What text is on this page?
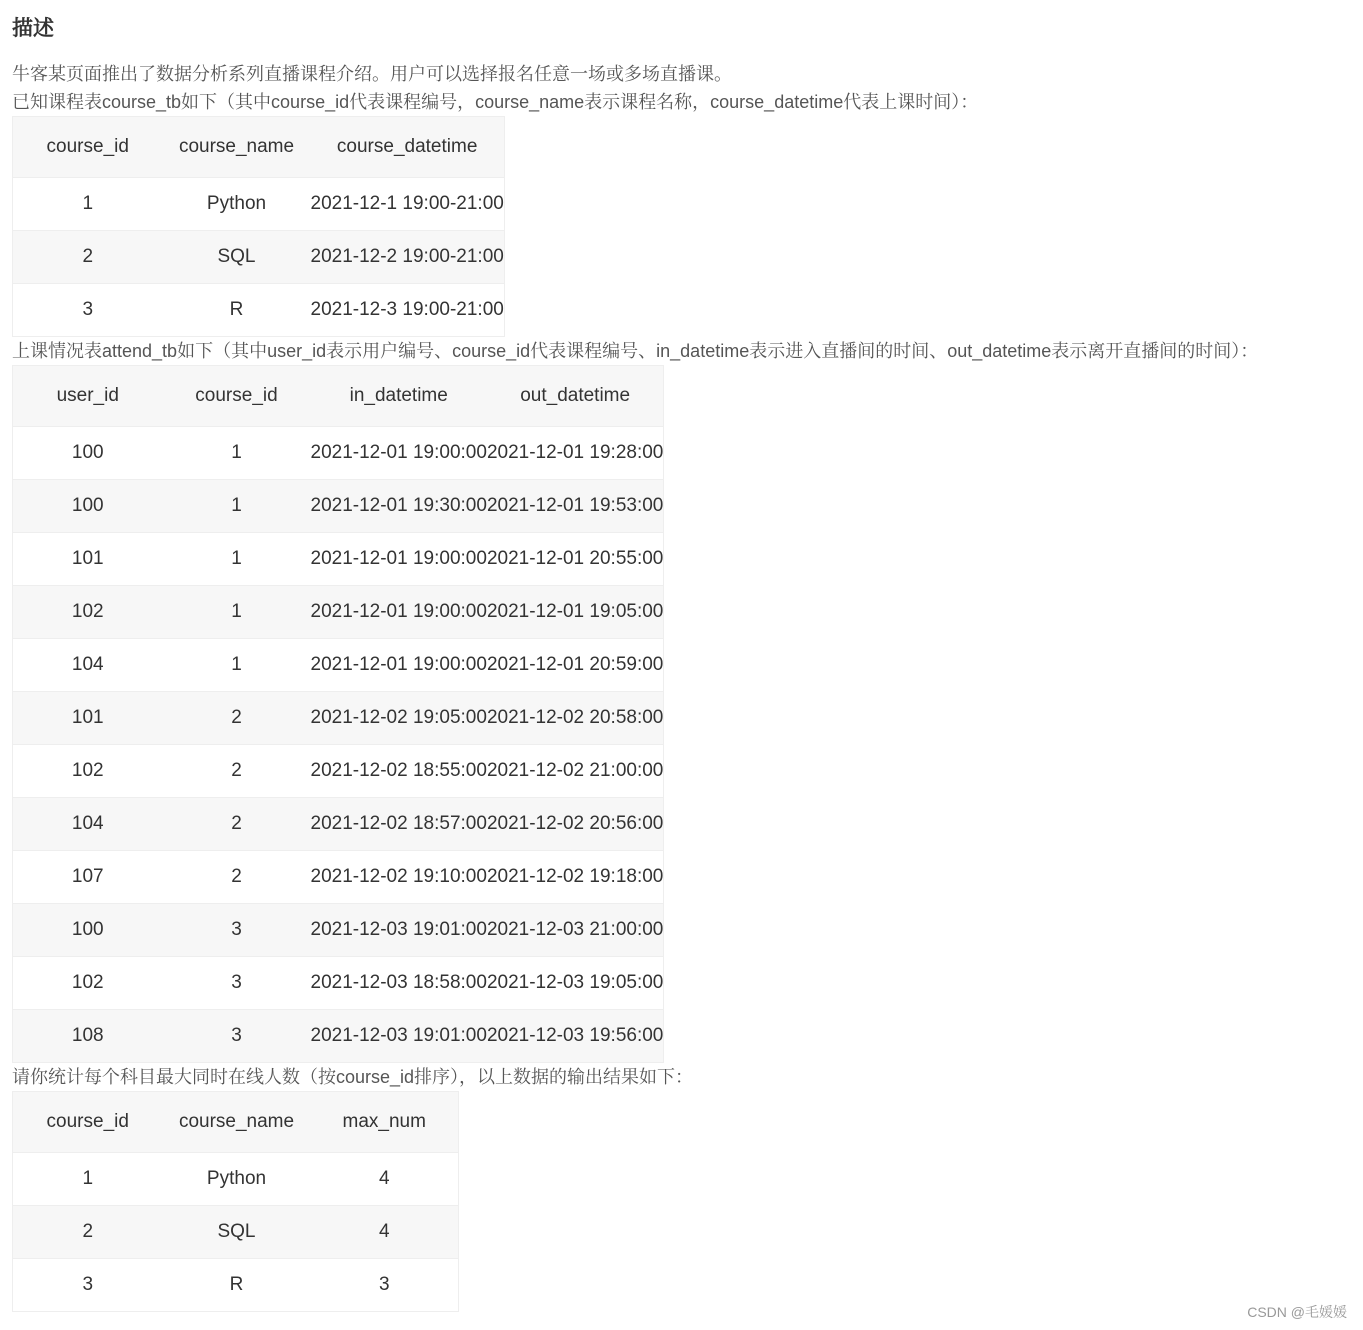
描述

牛客某页面推出了数据分析系列直播课程介绍。用户可以选择报名任意一场或多场直播课。

已知课程表course_tb如下（其中course_id代表课程编号，course_name表示课程名称，course_datetime代表上课时间）：

course_id	course_name	course_datetime
1	Python	2021-12-1 19:00-21:00
2	SQL	2021-12-2 19:00-21:00
3	R	2021-12-3 19:00-21:00

上课情况表attend_tb如下（其中user_id表示用户编号、course_id代表课程编号、in_datetime表示进入直播间的时间、out_datetime表示离开直播间的时间）：

user_id	course_id	in_datetime	out_datetime
100	1	2021-12-01 19:00:00	2021-12-01 19:28:00
100	1	2021-12-01 19:30:00	2021-12-01 19:53:00
101	1	2021-12-01 19:00:00	2021-12-01 20:55:00
102	1	2021-12-01 19:00:00	2021-12-01 19:05:00
104	1	2021-12-01 19:00:00	2021-12-01 20:59:00
101	2	2021-12-02 19:05:00	2021-12-02 20:58:00
102	2	2021-12-02 18:55:00	2021-12-02 21:00:00
104	2	2021-12-02 18:57:00	2021-12-02 20:56:00
107	2	2021-12-02 19:10:00	2021-12-02 19:18:00
100	3	2021-12-03 19:01:00	2021-12-03 21:00:00
102	3	2021-12-03 18:58:00	2021-12-03 19:05:00
108	3	2021-12-03 19:01:00	2021-12-03 19:56:00

请你统计每个科目最大同时在线人数（按course_id排序），以上数据的输出结果如下：

course_id	course_name	max_num
1	Python	4
2	SQL	4
3	R	3
CSDN @毛媛媛
